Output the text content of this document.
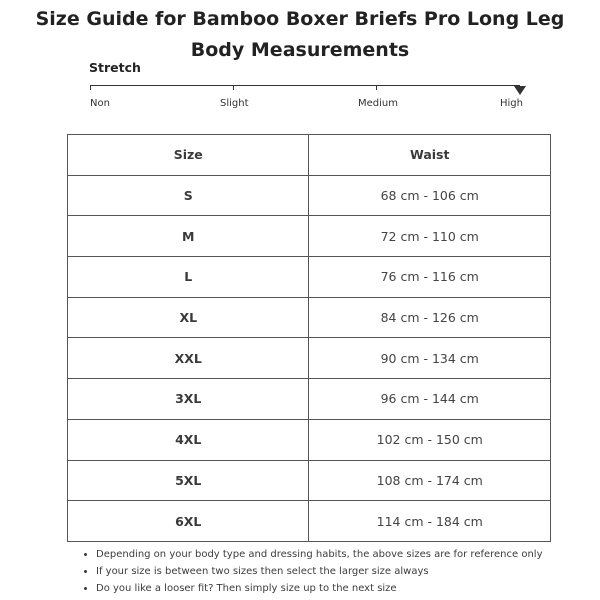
Size Guide for Bamboo Boxer Briefs Pro Long Leg
Body Measurements
Stretch
Non	Slight	Medium	High
Size	Waist
S	68 cm - 106 cm
M	72 cm - 110 cm
L	76 cm - 116 cm
XL	84 cm - 126 cm
XXL	90 cm - 134 cm
3XL	96 cm - 144 cm
4XL	102 cm - 150 cm
5XL	108 cm - 174 cm
6XL	114 cm - 184 cm
• Depending on your body type and dressing habits, the above sizes are for reference only
• If your size is between two sizes then select the larger size always
• Do you like a looser fit? Then simply size up to the next size
